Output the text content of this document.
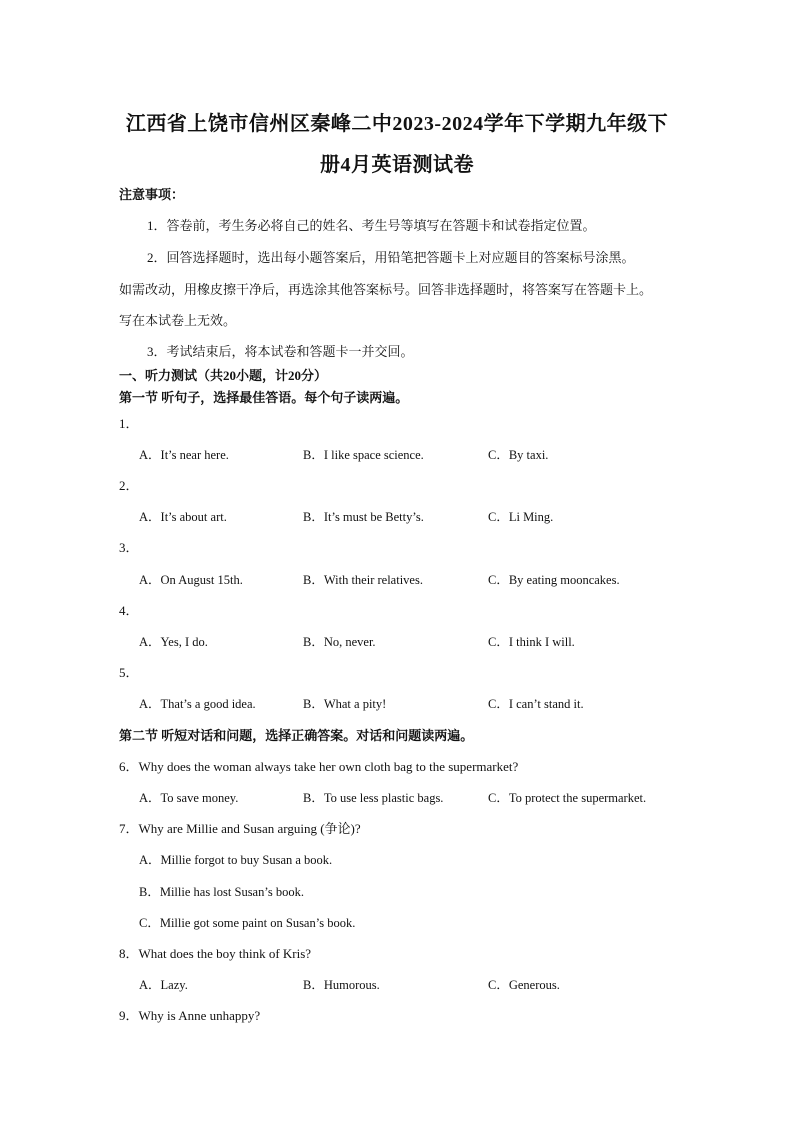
江西省上饶市信州区秦峰二中2023-2024学年下学期九年级下
册4月英语测试卷
注意事项：
1．答卷前，考生务必将自己的姓名、考生号等填写在答题卡和试卷指定位置。
2．回答选择题时，选出每小题答案后，用铅笔把答题卡上对应题目的答案标号涂黑。
如需改动，用橡皮擦干净后，再选涂其他答案标号。回答非选择题时，将答案写在答题卡上。
写在本试卷上无效。
3．考试结束后，将本试卷和答题卡一并交回。
一、听力测试（共20小题，计20分）
第一节 听句子，选择最佳答语。每个句子读两遍。
1．
A．It’s near here.	B．I like space science.	C．By taxi.
2．
A．It’s about art.	B．It’s must be Betty’s.	C．Li Ming.
3．
A．On August 15th.	B．With their relatives.	C．By eating mooncakes.
4．
A．Yes, I do.	B．No, never.	C．I think I will.
5．
A．That’s a good idea.	B．What a pity!	C．I can’t stand it.
第二节 听短对话和问题，选择正确答案。对话和问题读两遍。
6．Why does the woman always take her own cloth bag to the supermarket?
A．To save money.	B．To use less plastic bags.	C．To protect the supermarket.
7．Why are Millie and Susan arguing (争论)?
A．Millie forgot to buy Susan a book.
B．Millie has lost Susan’s book.
C．Millie got some paint on Susan’s book.
8．What does the boy think of Kris?
A．Lazy.	B．Humorous.	C．Generous.
9．Why is Anne unhappy?
